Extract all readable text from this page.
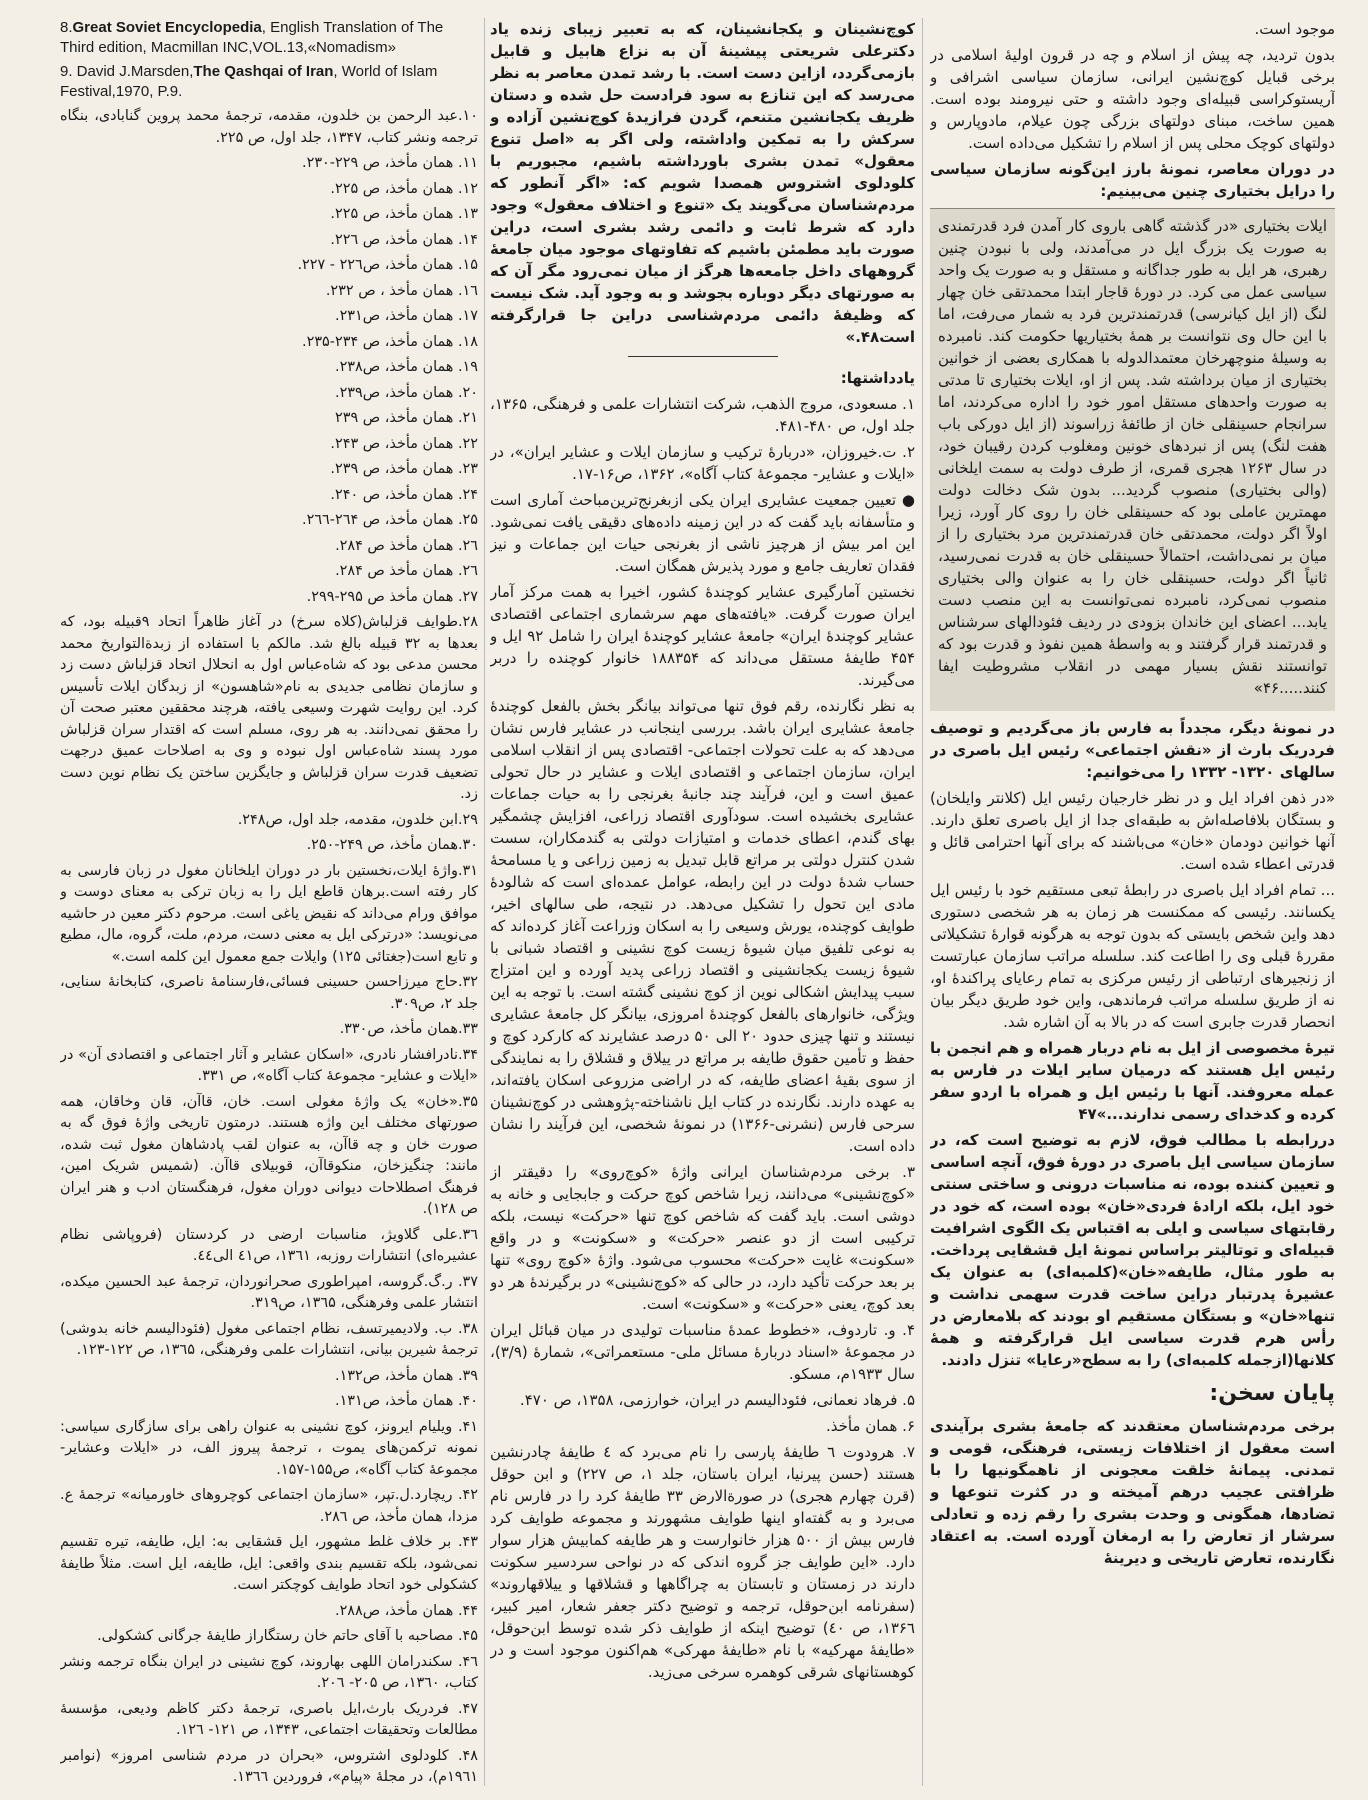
موجود است.

بدون تردید، چه پیش از اسلام و چه در قرون اولیهٔ اسلامی در برخی قبایل کوچ‌نشین ایرانی، سازمان سیاسی اشرافی و آریستوکراسی قبیله‌ای وجود داشته و حتی نیرومند بوده است. همین ساخت، مبنای دولتهای بزرگی چون عیلام، مادوپارس و دولتهای کوچک محلی پس از اسلام را تشکیل می‌داده است.

در دوران معاصر، نمونهٔ بارز این‌گونه سازمان سیاسی را درایل بختیاری چنین می‌بینیم:

ایلات بختیاری «در گذشته گاهی باروی کار آمدن فرد قدرتمندی به صورت یک بزرگ ایل در می‌آمدند، ولی با نبودن چنین رهبری، هر ایل به طور جداگانه و مستقل و به صورت یک واحد سیاسی عمل می کرد. در دورهٔ قاجار ابتدا محمدتقی خان چهار لنگ (از ایل کیانرسی) قدرتمندترین فرد به شمار می‌رفت، اما با این حال وی نتوانست بر همهٔ بختیاریها حکومت کند. نامبرده به وسیلهٔ منوچهرخان معتمدالدوله با همکاری بعضی از خوانین بختیاری از میان برداشته شد. پس از او، ایلات بختیاری تا مدتی به صورت واحدهای مستقل امور خود را اداره می‌کردند، اما سرانجام حسینقلی خان از طائفهٔ زراسوند (از ایل دورکی باب هفت لنگ) پس از نبردهای خونین ومغلوب کردن رقیبان خود، در سال ۱۲۶۳ هجری قمری، از طرف دولت به سمت ایلخانی (والی بختیاری) منصوب گردید... بدون شک دخالت دولت مهمترین عاملی بود که حسینقلی خان را روی کار آورد، زیرا اولاً اگر دولت، محمدتقی خان قدرتمندترین مرد بختیاری را از میان بر نمی‌داشت، احتمالاً حسینقلی خان به قدرت نمی‌رسید، ثانیاً اگر دولت، حسینقلی خان را به عنوان والی بختیاری منصوب نمی‌کرد، نامبرده نمی‌توانست به این منصب دست یابد... اعضای این خاندان بزودی در ردیف فئودالهای سرشناس و قدرتمند قرار گرفتند و به واسطهٔ همین نفوذ و قدرت بود که توانستند نقش بسیار مهمی در انقلاب مشروطیت ایفا کنند.....۴۶»

در نمونهٔ دیگر، مجدداً به فارس باز می‌گردیم و توصیف فردریک بارث از «نقش اجتماعی» رئیس ایل باصری در سالهای ۱۳۲۰- ۱۳۳۲ را می‌خوانیم:

«در ذهن افراد ایل و در نظر خارجیان رئیس ایل (کلانتر وایلخان) و بستگان بلافاصله‌اش به طبقه‌ای جدا از ایل باصری تعلق دارند. آنها خوانین دودمان «خان» می‌باشند که برای آنها احترامی قائل و قدرتی اعطاء شده است.

... تمام افراد ایل باصری در رابطهٔ تبعی مستقیم خود با رئیس ایل یکسانند. رئیسی که ممکنست هر زمان به هر شخصی دستوری دهد واین شخص بایستی که بدون توجه به هرگونه قوارهٔ تشکیلاتی مقررهٔ قبلی وی را اطاعت کند. سلسله مراتب سازمان عبارتست از زنجیرهای ارتباطی از رئیس مرکزی به تمام رعایای پراکندهٔ او، نه از طریق سلسله مراتب فرماندهی، واین خود طریق دیگر بیان انحصار قدرت جابری است که در بالا به آن اشاره شد.

تیرهٔ مخصوصی از ایل به نام دربار همراه و هم انجمن با رئیس ایل هستند که درمیان سایر ایلات در فارس به عمله معروفند. آنها با رئیس ایل و همراه با اردو سفر کرده و کدخدای رسمی ندارند...»۴۷

دررابطه با مطالب فوق، لازم به توضیح است که، در سازمان سیاسی ایل باصری در دورهٔ فوق، آنچه اساسی و تعیین کننده بوده، نه مناسبات درونی و ساختی سنتی خود ایل، بلکه ارادهٔ فردی«خان» بوده است، که خود در رقابتهای سیاسی و ایلی به اقتباس یک الگوی اشرافیت قبیله‌ای و توتالیتر براساس نمونهٔ ایل قشقایی پرداخت. به طور مثال، طایفه«خان»(کلمبه‌ای) به عنوان یک عشیرهٔ پدرتبار دراین ساخت قدرت سهمی نداشت و تنها«خان» و بستگان مستقیم او بودند که بلامعارض در رأس هرم قدرت سیاسی ایل قرارگرفته و همهٔ کلانها(ازجمله کلمبه‌ای) را به سطح«رعایا» تنزل دادند.

پایان سخن:

برخی مردم‌شناسان معتقدند که جامعهٔ بشری برآیندی است معقول از اختلافات زیستی، فرهنگی، قومی و تمدنی. پیمانهٔ خلقت معجونی از ناهمگونیها را با ظرافتی عجیب درهم آمیخته و در کثرت تنوعها و تضادها، همگونی و وحدت بشری را رقم زده و تعادلی سرشار از تعارض را به ارمغان آورده است. به اعتقاد نگارنده، تعارض تاریخی و دیرینهٔ

کوچ‌نشینان و یکجانشینان، که به تعبیر زیبای زنده یاد دکترعلی شریعتی پیشینهٔ آن به نزاع هابیل و قابیل بازمی‌گردد، ازاین دست است. با رشد تمدن معاصر به نظر می‌رسد که این تنازع به سود فرادست حل شده و دستان ظریف یکجانشین متنعم، گردن فرازیدهٔ کوچ‌نشین آزاده و سرکش را به تمکین واداشته، ولی اگر به «اصل تنوع معقول» تمدن بشری باورداشته باشیم، مجبوریم با کلودلوی اشتروس همصدا شویم که: «اگر آنطور که مردم‌شناسان می‌گویند یک «تنوع و اختلاف معقول» وجود دارد که شرط ثابت و دائمی رشد بشری است، دراین صورت باید مطمئن باشیم که تفاوتهای موجود میان جامعهٔ گروههای داخل جامعه‌ها هرگز از میان نمی‌رود مگر آن که به صورتهای دیگر دوباره بجوشد و به وجود آید. شک نیست که وظیفهٔ دائمی مردم‌شناسی دراین جا قرارگرفته است۴۸.»

یادداشتها:

۱. مسعودی، مروج الذهب، شرکت انتشارات علمی و فرهنگی، ۱۳۶۵، جلد اول، ص ۴۸۰-۴۸۱.

۲. ت.خیروزان، «دربارهٔ ترکیب و سازمان ایلات و عشایر ایران»، در «ایلات و عشایر- مجموعهٔ کتاب آگاه»، ۱۳۶۲، ص۱۶-۱۷.

● تعیین جمعیت عشایری ایران یکی ازبغرنج‌ترین‌مباحث آماری است و متأسفانه باید گفت که در این زمینه داده‌های دقیقی یافت نمی‌شود. این امر بیش از هرچیز ناشی از بغرنجی حیات این جماعات و نیز فقدان تعاریف جامع و مورد پذیرش همگان است.

نخستین آمارگیری عشایر کوچندهٔ کشور، اخیرا به همت مرکز آمار ایران صورت گرفت. «یافته‌های مهم سرشماری اجتماعی اقتصادی عشایر کوچندهٔ ایران» جامعهٔ عشایر کوچندهٔ ایران را شامل ۹۲ ایل و ۴۵۴ طایفهٔ مستقل می‌داند که ۱۸۸۳۵۴ خانوار کوچنده را دربر می‌گیرند.

به نظر نگارنده، رقم فوق تنها می‌تواند بیانگر بخش بالفعل کوچندهٔ جامعهٔ عشایری ایران باشد. بررسی اینجانب در عشایر فارس نشان می‌دهد که به علت تحولات اجتماعی- اقتصادی پس از انقلاب اسلامی ایران، سازمان اجتماعی و اقتصادی ایلات و عشایر در حال تحولی عمیق است و این، فرآیند چند جانبهٔ بغرنجی را به حیات جماعات عشایری بخشیده است. سودآوری اقتصاد زراعی، افزایش چشمگیر بهای گندم، اعطای خدمات و امتیازات دولتی به گندمکاران، سست شدن کنترل دولتی بر مراتع قابل تبدیل به زمین زراعی و یا مسامحهٔ حساب شدهٔ دولت در این رابطه، عوامل عمده‌ای است که شالودهٔ مادی این تحول را تشکیل می‌دهد. در نتیجه، طی سالهای اخیر، طوایف کوچنده، یورش وسیعی را به اسکان وزراعت آغاز کرده‌اند که به نوعی تلفیق میان شیوهٔ زیست کوچ نشینی و اقتصاد شبانی با شیوهٔ زیست یکجانشینی و اقتصاد زراعی پدید آورده و این امتزاج سبب پیدایش اشکالی نوین از کوچ نشینی گشته است. با توجه به این ویژگی، خانوارهای بالفعل کوچندهٔ امروزی، بیانگر کل جامعهٔ عشایری نیستند و تنها چیزی حدود ۲۰ الی ۵۰ درصد عشایرند که کارکرد کوچ و حفظ و تأمین حقوق طایفه بر مراتع در ییلاق و قشلاق را به نمایندگی از سوی بقیهٔ اعضای طایفه، که در اراضی مزروعی اسکان یافته‌اند، به عهده دارند. نگارنده در کتاب ایل ناشناخته-پژوهشی در کوچ‌نشینان سرحی فارس (نشرنی-۱۳۶۶) در نمونهٔ شخصی، این فرآیند را نشان داده است.

۳. برخی مردم‌شناسان ایرانی واژهٔ «کوچ‌روی» را دقیقتر از «کوچ‌نشینی» می‌دانند، زیرا شاخص کوچ حرکت و جابجایی و خانه به دوشی است. باید گفت که شاخص کوچ تنها «حرکت» نیست، بلکه ترکیبی است از دو عنصر «حرکت» و «سکونت» و در واقع «سکونت» غایت «حرکت» محسوب می‌شود. واژهٔ «کوچ روی» تنها بر بعد حرکت تأکید دارد، در حالی که «کوچ‌نشینی» در برگیرندهٔ هر دو بعد کوچ، یعنی «حرکت» و «سکونت» است.

۴. و. تاردوف، «خطوط عمدهٔ مناسبات تولیدی در میان قبائل ایران در مجموعهٔ «اسناد دربارهٔ مسائل ملی- مستعمراتی»، شمارهٔ (۳/۹)، سال ۱۹۳۳م، مسکو.

۵. فرهاد نعمانی، فئودالیسم در ایران، خوارزمی، ۱۳۵۸، ص ۴۷۰.

۶. همان مأخذ.

۷. هرودوت ٦ طایفهٔ پارسی را نام می‌برد که ٤ طایفهٔ چادرنشین هستند (حسن پیرنیا، ایران باستان، جلد ۱، ص ۲۲۷) و ابن حوقل (قرن چهارم هجری) در صورةالارض ۳۳ طایفهٔ کرد را در فارس نام می‌برد و به گفته‌او اینها طوایف مشهورند و مجموعه طوایف کرد فارس بیش از ۵۰۰ هزار خانوارست و هر طایفه کمابیش هزار سوار دارد. «این طوایف جز گروه اندکی که در نواحی سردسیر سکونت دارند در زمستان و تابستان به چراگاهها و قشلاقها و ییلاقها‌روند» (سفرنامه ابن‌حوقل، ترجمه و توضیح دکتر جعفر شعار، امیر کبیر، ۱۳۶٦، ص ٤٠) توضیح اینکه از طوایف ذکر شده توسط ابن‌حوقل، «طایفهٔ مهرکیه» با نام «طایفهٔ مهرکی» هم‌اکنون موجود است و در کوهستانهای شرقی کوهمره سرخی می‌زید.

8.Great Soviet Encyclopedia, English Translation of The Third edition, Macmillan INC,VOL.13,«Nomadism»

9. David J.Marsden,The Qashqai of Iran, World of Islam Festival,1970, P.9.

۱۰.عبد الرحمن بن خلدون، مقدمه، ترجمهٔ محمد پروین گنابادی، بنگاه ترجمه ونشر کتاب، ۱۳۴۷، جلد اول، ص ۲۲۵.

۱۱. همان مأخذ، ص ۲۲۹-۲۳۰.

۱۲. همان مأخذ، ص ۲۲۵.

۱۳. همان مأخذ، ص ۲۲۵.

۱۴. همان مأخذ، ص ۲۲٦.

۱۵. همان مأخذ، ص۲۲٦ - ۲۲۷.

۱٦. همان مأخذ ، ص ۲۳۲.

۱۷. همان مأخذ، ص۲۳۱.

۱۸. همان مأخذ، ص ۲۳۴-۲۳۵.

۱۹. همان مأخذ، ص۲۳۸.

۲۰. همان مأخذ، ص۲۳۹.

۲۱. همان مأخذ، ص ۲۳۹

۲۲. همان مأخذ، ص ۲۴۳.

۲۳. همان مأخذ، ص ۲۳۹.

۲۴. همان مأخذ، ص ۲۴۰.

۲۵. همان مأخذ، ص ۲٦۴-۲٦٦.

۲٦. همان مأخذ ص ۲۸۴.

۲٦. همان مأخذ ص ۲۸۴.

۲۷. همان مأخذ ص ۲۹۵-۲۹۹.

۲۸.طوایف قزلباش(کلاه سرخ) در آغاز ظاهراً اتحاد ۹قبیله بود، که بعدها به ۳۲ قبیله بالغ شد. مالکم با استفاده از زبدةالتواریخ محمد محسن مدعی بود که شاه‌عباس اول به انحلال اتحاد قزلباش دست زد و سازمان نظامی جدیدی به نام«شاهسون» از زبدگان ایلات تأسیس کرد. این روایت شهرت وسیعی یافته، هرچند محققین معتبر صحت آن را محقق نمی‌دانند. به هر روی، مسلم است که اقتدار سران قزلباش مورد پسند شاه‌عباس اول نبوده و وی به اصلاحات عمیق درجهت تضعیف قدرت سران قزلباش و جایگزین ساختن یک نظام نوین دست زد.

۲۹.ابن خلدون، مقدمه، جلد اول، ص۲۴۸.

۳۰.همان مأخذ، ص ۲۴۹-۲۵۰.

۳۱.واژهٔ ایلات،نخستین بار در دوران ایلخانان مغول در زبان فارسی به کار رفته است.برهان قاطع ایل را به زبان ترکی به معنای دوست و موافق ورام می‌داند که نقیض یاغی است. مرحوم دکتر معین در حاشیه می‌نویسد: «درترکی ایل به معنی دست، مردم، ملت، گروه، مال، مطیع و تابع است(جغتائی ۱۲۵) وایلات جمع معمول این کلمه است.»

۳۲.حاج میرزاحسن حسینی فسائی،فارسنامهٔ ناصری، کتابخانهٔ سنایی، جلد ۲، ص۳۰۹.

۳۳.همان مأخذ، ص۳۳۰.

۳۴.نادرافشار نادری، «اسکان عشایر و آثار اجتماعی و اقتصادی آن» در «ایلات و عشایر- مجموعهٔ کتاب آگاه»، ص ۳۳۱.

۳۵.«خان» یک واژهٔ مغولی است. خان، قاآن، قان وخاقان، همه صورتهای مختلف این واژه هستند. درمتون تاریخی واژهٔ فوق گه به صورت خان و چه قاآن، به عنوان لقب پادشاهان مغول ثبت شده، مانند: چنگیزخان، منکوقاآن، قوبیلای قاآن. (شمیس شریک امین، فرهنگ اصطلاحات دیوانی دوران مغول، فرهنگستان ادب و هنر ایران ص ۱۲۸).

۳٦.علی گلاویژ، مناسبات ارضی در کردستان (فروپاشی نظام عشیره‌ای) انتشارات روزبه، ۱۳٦۱، ص٤۱ الی٤٤.

۳۷. ر.گ.گروسه، امپراطوری صحرانوردان، ترجمهٔ عبد الحسین میکده، انتشار علمی وفرهنگی، ۱۳٦۵، ص۳۱۹.

۳۸. ب. ولادیمیرتسف، نظام اجتماعی مغول (فئودالیسم خانه بدوشی) ترجمهٔ شیرین بیانی، انتشارات علمی وفرهنگی، ۱۳٦۵، ص ۱۲۲-۱۲۳.

۳۹. همان مأخذ، ص۱۳۲.

۴۰. همان مأخذ، ص۱۳۱.

۴۱. ویلیام ایرونز، کوچ نشینی به عنوان راهی برای سازگاری سیاسی: نمونه ترکمن‌های یموت ، ترجمهٔ پیروز الف، در «ایلات وعشایر- مجموعهٔ کتاب آگاه»، ص۱۵۵-۱۵۷.

۴۲. ریچارد.ل.تپر، «سازمان اجتماعی کوچروهای خاورمیانه» ترجمهٔ ع. مزدا، همان مأخذ، ص ۲۸٦.

۴۳. بر خلاف غلط مشهور، ایل قشقایی به: ایل، طایفه، تیره تقسیم نمی‌شود، بلکه تقسیم بندی واقعی: ایل، طایفه، ایل است. مثلاً طایفهٔ کشکولی خود اتحاد طوایف کوچکتر است.

۴۴. همان مأخذ، ص۲۸۸.

۴۵. مصاحبه با آقای حاتم خان رستگاراز طایفهٔ جرگانی کشکولی.

۴٦. سکندرامان اللهی بهاروند، کوچ نشینی در ایران بنگاه ترجمه ونشر کتاب، ۱۳٦۰، ص ۲۰۵- ۲۰٦.

۴۷. فردریک بارث،ایل باصری، ترجمهٔ دکتر کاظم ودیعی، مؤسسهٔ مطالعات وتحقیقات اجتماعی، ۱۳۴۳، ص ۱۲۱- ۱۲٦.

۴۸. کلودلوی اشتروس، «بحران در مردم شناسی امروز» (نوامبر ۱۹٦۱م)، در مجلهٔ «پیام»، فروردین ۱۳٦٦.
